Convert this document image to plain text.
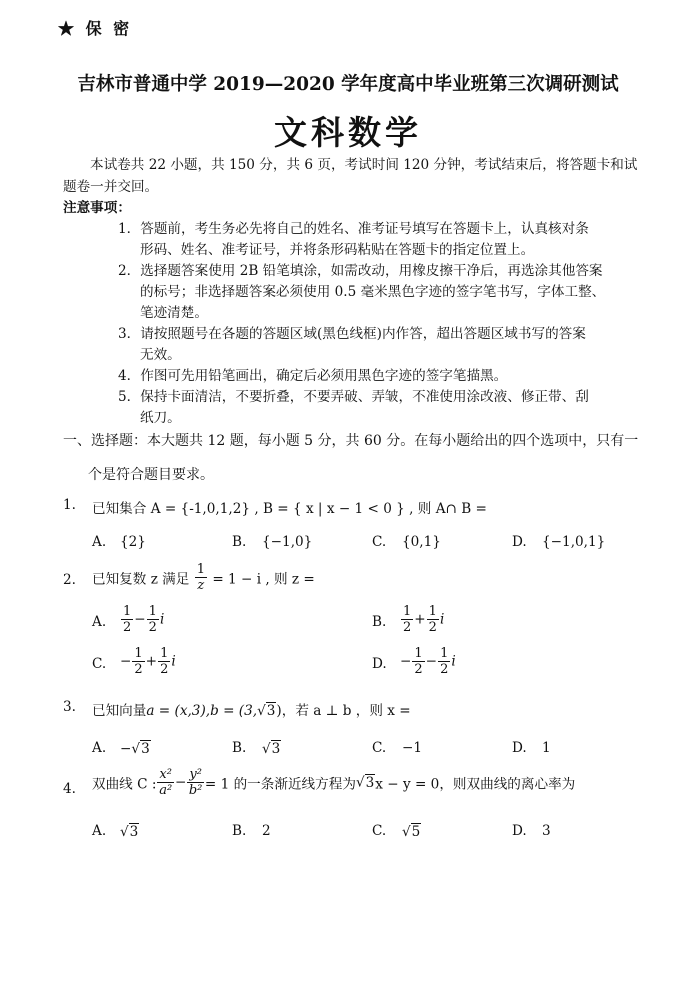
★ 保 密
吉林市普通中学 2019—2020 学年度高中毕业班第三次调研测试
文科数学
本试卷共 22 小题，共 150 分，共 6 页，考试时间 120 分钟，考试结束后，将答题卡和试
题卷一并交回。
注意事项：
1．答题前，考生务必先将自己的姓名、准考证号填写在答题卡上，认真核对条
形码、姓名、准考证号，并将条形码粘贴在答题卡的指定位置上。
2．选择题答案使用 2B 铅笔填涂，如需改动，用橡皮擦干净后，再选涂其他答案
的标号；非选择题答案必须使用 0.5 毫米黑色字迹的签字笔书写，字体工整、
笔迹清楚。
3．请按照题号在各题的答题区域(黑色线框)内作答，超出答题区域书写的答案
无效。
4．作图可先用铅笔画出，确定后必须用黑色字迹的签字笔描黑。
5．保持卡面清洁，不要折叠，不要弄破、弄皱，不准使用涂改液、修正带、刮
纸刀。
一、选择题：本大题共 12 题，每小题 5 分，共 60 分。在每小题给出的四个选项中，只有一
个是符合题目要求。
1. 已知集合 A = {-1,0,1,2} , B = { x | x − 1 < 0 } , 则 A∩ B =
A. {2}	B. {−1,0}	C. {0,1}	D. {−1,0,1}
2. 已知复数 z 满足 $\frac{1}{z} = 1 - i$ , 则 z =
A. $\frac{1}{2} - \frac{1}{2}$ i	B. $\frac{1}{2} + \frac{1}{2}$ i
C. − $\frac{1}{2} + \frac{1}{2}$ i	D. − $\frac{1}{2} - \frac{1}{2}$ i
3. 已知向量a = (x,3),b = (3,√3)，若 a ⊥ b ，则 x =
A. −√3	B. √3	C. −1	D. 1
4. 双曲线 C : $\frac{\text{x²}}{\text{a²}} - \frac{\text{y²}}{\text{b²}} = 1$ 的一条渐近线方程为√3x − y = 0，则双曲线的离心率为
A. √3	B. 2	C. √5	D. 3
